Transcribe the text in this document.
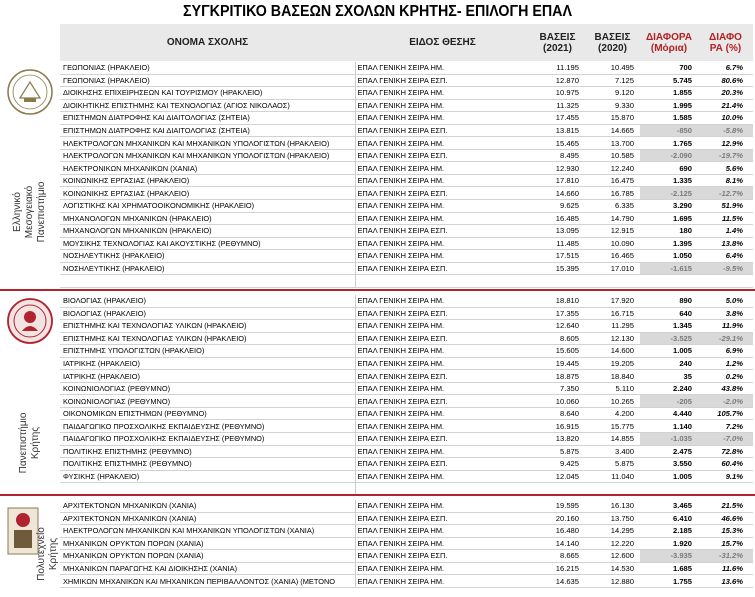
ΣΥΓΚΡΙΤΙΚΟ ΒΑΣΕΩΝ ΣΧΟΛΩΝ ΚΡΗΤΗΣ- ΕΠΙΛΟΓΗ ΕΠΑΛ
ΟΝΟΜΑ ΣΧΟΛΗΣ	ΕΙΔΟΣ ΘΕΣΗΣ	ΒΑΣΕΙΣ
(2021)
ΒΑΣΕΙΣ
(2020)
ΔΙΑΦΟΡΑ
(Μόρια)
ΔΙΑΦΟ
ΡΑ (%)
Ελληνικό Μεσογειακό
Πανεπιστήμιο
ΓΕΩΠΟΝΙΑΣ (ΗΡΑΚΛΕΙΟ)	ΕΠΑΛ ΓΕΝΙΚΗ ΣΕΙΡΑ ΗΜ.	11.195	10.495	700	6.7%
ΓΕΩΠΟΝΙΑΣ (ΗΡΑΚΛΕΙΟ)	ΕΠΑΛ ΓΕΝΙΚΗ ΣΕΙΡΑ ΕΣΠ.	12.870	7.125	5.745	80.6%
ΔΙΟΙΚΗΣΗΣ ΕΠΙΧΕΙΡΗΣΕΩΝ ΚΑΙ ΤΟΥΡΙΣΜΟΥ (ΗΡΑΚΛΕΙΟ)	ΕΠΑΛ ΓΕΝΙΚΗ ΣΕΙΡΑ ΗΜ.	10.975	9.120	1.855	20.3%
ΔΙΟΙΚΗΤΙΚΗΣ ΕΠΙΣΤΗΜΗΣ ΚΑΙ ΤΕΧΝΟΛΟΓΙΑΣ (ΑΓΙΟΣ ΝΙΚΟΛΑΟΣ)	ΕΠΑΛ ΓΕΝΙΚΗ ΣΕΙΡΑ ΗΜ.	11.325	9.330	1.995	21.4%
ΕΠΙΣΤΗΜΩΝ ΔΙΑΤΡΟΦΗΣ ΚΑΙ ΔΙΑΙΤΟΛΟΓΙΑΣ (ΣΗΤΕΙΑ)	ΕΠΑΛ ΓΕΝΙΚΗ ΣΕΙΡΑ ΗΜ.	17.455	15.870	1.585	10.0%
ΕΠΙΣΤΗΜΩΝ ΔΙΑΤΡΟΦΗΣ ΚΑΙ ΔΙΑΙΤΟΛΟΓΙΑΣ (ΣΗΤΕΙΑ)	ΕΠΑΛ ΓΕΝΙΚΗ ΣΕΙΡΑ ΕΣΠ.	13.815	14.665	-850	-5.8%
ΗΛΕΚΤΡΟΛΟΓΩΝ ΜΗΧΑΝΙΚΩΝ ΚΑΙ ΜΗΧΑΝΙΚΩΝ ΥΠΟΛΟΓΙΣΤΩΝ (ΗΡΑΚΛΕΙΟ)	ΕΠΑΛ ΓΕΝΙΚΗ ΣΕΙΡΑ ΗΜ.	15.465	13.700	1.765	12.9%
ΗΛΕΚΤΡΟΛΟΓΩΝ ΜΗΧΑΝΙΚΩΝ ΚΑΙ ΜΗΧΑΝΙΚΩΝ ΥΠΟΛΟΓΙΣΤΩΝ (ΗΡΑΚΛΕΙΟ)	ΕΠΑΛ ΓΕΝΙΚΗ ΣΕΙΡΑ ΕΣΠ.	8.495	10.585	-2.090	-19.7%
ΗΛΕΚΤΡΟΝΙΚΩΝ ΜΗΧΑΝΙΚΩΝ (ΧΑΝΙΑ)	ΕΠΑΛ ΓΕΝΙΚΗ ΣΕΙΡΑ ΗΜ.	12.930	12.240	690	5.6%
ΚΟΙΝΩΝΙΚΗΣ ΕΡΓΑΣΙΑΣ (ΗΡΑΚΛΕΙΟ)	ΕΠΑΛ ΓΕΝΙΚΗ ΣΕΙΡΑ ΗΜ.	17.810	16.475	1.335	8.1%
ΚΟΙΝΩΝΙΚΗΣ ΕΡΓΑΣΙΑΣ (ΗΡΑΚΛΕΙΟ)	ΕΠΑΛ ΓΕΝΙΚΗ ΣΕΙΡΑ ΕΣΠ.	14.660	16.785	-2.125	-12.7%
ΛΟΓΙΣΤΙΚΗΣ ΚΑΙ ΧΡΗΜΑΤΟΟΙΚΟΝΟΜΙΚΗΣ (ΗΡΑΚΛΕΙΟ)	ΕΠΑΛ ΓΕΝΙΚΗ ΣΕΙΡΑ ΗΜ.	9.625	6.335	3.290	51.9%
ΜΗΧΑΝΟΛΟΓΩΝ ΜΗΧΑΝΙΚΩΝ (ΗΡΑΚΛΕΙΟ)	ΕΠΑΛ ΓΕΝΙΚΗ ΣΕΙΡΑ ΗΜ.	16.485	14.790	1.695	11.5%
ΜΗΧΑΝΟΛΟΓΩΝ ΜΗΧΑΝΙΚΩΝ (ΗΡΑΚΛΕΙΟ)	ΕΠΑΛ ΓΕΝΙΚΗ ΣΕΙΡΑ ΕΣΠ.	13.095	12.915	180	1.4%
ΜΟΥΣΙΚΗΣ ΤΕΧΝΟΛΟΓΙΑΣ ΚΑΙ ΑΚΟΥΣΤΙΚΗΣ (ΡΕΘΥΜΝΟ)	ΕΠΑΛ ΓΕΝΙΚΗ ΣΕΙΡΑ ΗΜ.	11.485	10.090	1.395	13.8%
ΝΟΣΗΛΕΥΤΙΚΗΣ (ΗΡΑΚΛΕΙΟ)	ΕΠΑΛ ΓΕΝΙΚΗ ΣΕΙΡΑ ΗΜ.	17.515	16.465	1.050	6.4%
ΝΟΣΗΛΕΥΤΙΚΗΣ (ΗΡΑΚΛΕΙΟ)	ΕΠΑΛ ΓΕΝΙΚΗ ΣΕΙΡΑ ΕΣΠ.	15.395	17.010	-1.615	-9.5%

Πανεπιστήμιο
Κρήτης
ΒΙΟΛΟΓΙΑΣ (ΗΡΑΚΛΕΙΟ)	ΕΠΑΛ ΓΕΝΙΚΗ ΣΕΙΡΑ ΗΜ.	18.810	17.920	890	5.0%
ΒΙΟΛΟΓΙΑΣ (ΗΡΑΚΛΕΙΟ)	ΕΠΑΛ ΓΕΝΙΚΗ ΣΕΙΡΑ ΕΣΠ.	17.355	16.715	640	3.8%
ΕΠΙΣΤΗΜΗΣ ΚΑΙ ΤΕΧΝΟΛΟΓΙΑΣ ΥΛΙΚΩΝ (ΗΡΑΚΛΕΙΟ)	ΕΠΑΛ ΓΕΝΙΚΗ ΣΕΙΡΑ ΗΜ.	12.640	11.295	1.345	11.9%
ΕΠΙΣΤΗΜΗΣ ΚΑΙ ΤΕΧΝΟΛΟΓΙΑΣ ΥΛΙΚΩΝ (ΗΡΑΚΛΕΙΟ)	ΕΠΑΛ ΓΕΝΙΚΗ ΣΕΙΡΑ ΕΣΠ.	8.605	12.130	-3.525	-29.1%
ΕΠΙΣΤΗΜΗΣ ΥΠΟΛΟΓΙΣΤΩΝ (ΗΡΑΚΛΕΙΟ)	ΕΠΑΛ ΓΕΝΙΚΗ ΣΕΙΡΑ ΗΜ.	15.605	14.600	1.005	6.9%
ΙΑΤΡΙΚΗΣ (ΗΡΑΚΛΕΙΟ)	ΕΠΑΛ ΓΕΝΙΚΗ ΣΕΙΡΑ ΗΜ.	19.445	19.205	240	1.2%
ΙΑΤΡΙΚΗΣ (ΗΡΑΚΛΕΙΟ)	ΕΠΑΛ ΓΕΝΙΚΗ ΣΕΙΡΑ ΕΣΠ.	18.875	18.840	35	0.2%
ΚΟΙΝΩΝΙΟΛΟΓΙΑΣ (ΡΕΘΥΜΝΟ)	ΕΠΑΛ ΓΕΝΙΚΗ ΣΕΙΡΑ ΗΜ.	7.350	5.110	2.240	43.8%
ΚΟΙΝΩΝΙΟΛΟΓΙΑΣ (ΡΕΘΥΜΝΟ)	ΕΠΑΛ ΓΕΝΙΚΗ ΣΕΙΡΑ ΕΣΠ.	10.060	10.265	-205	-2.0%
ΟΙΚΟΝΟΜΙΚΩΝ ΕΠΙΣΤΗΜΩΝ (ΡΕΘΥΜΝΟ)	ΕΠΑΛ ΓΕΝΙΚΗ ΣΕΙΡΑ ΗΜ.	8.640	4.200	4.440	105.7%
ΠΑΙΔΑΓΩΓΙΚΟ ΠΡΟΣΧΟΛΙΚΗΣ ΕΚΠΑΙΔΕΥΣΗΣ (ΡΕΘΥΜΝΟ)	ΕΠΑΛ ΓΕΝΙΚΗ ΣΕΙΡΑ ΗΜ.	16.915	15.775	1.140	7.2%
ΠΑΙΔΑΓΩΓΙΚΟ ΠΡΟΣΧΟΛΙΚΗΣ ΕΚΠΑΙΔΕΥΣΗΣ (ΡΕΘΥΜΝΟ)	ΕΠΑΛ ΓΕΝΙΚΗ ΣΕΙΡΑ ΕΣΠ.	13.820	14.855	-1.035	-7.0%
ΠΟΛΙΤΙΚΗΣ ΕΠΙΣΤΗΜΗΣ (ΡΕΘΥΜΝΟ)	ΕΠΑΛ ΓΕΝΙΚΗ ΣΕΙΡΑ ΗΜ.	5.875	3.400	2.475	72.8%
ΠΟΛΙΤΙΚΗΣ ΕΠΙΣΤΗΜΗΣ (ΡΕΘΥΜΝΟ)	ΕΠΑΛ ΓΕΝΙΚΗ ΣΕΙΡΑ ΕΣΠ.	9.425	5.875	3.550	60.4%
ΦΥΣΙΚΗΣ (ΗΡΑΚΛΕΙΟ)	ΕΠΑΛ ΓΕΝΙΚΗ ΣΕΙΡΑ ΗΜ.	12.045	11.040	1.005	9.1%

Πολυτεχνείο
Κρήτης
ΑΡΧΙΤΕΚΤΟΝΩΝ ΜΗΧΑΝΙΚΩΝ (ΧΑΝΙΑ)	ΕΠΑΛ ΓΕΝΙΚΗ ΣΕΙΡΑ ΗΜ.	19.595	16.130	3.465	21.5%
ΑΡΧΙΤΕΚΤΟΝΩΝ ΜΗΧΑΝΙΚΩΝ (ΧΑΝΙΑ)	ΕΠΑΛ ΓΕΝΙΚΗ ΣΕΙΡΑ ΕΣΠ.	20.160	13.750	6.410	46.6%
ΗΛΕΚΤΡΟΛΟΓΩΝ ΜΗΧΑΝΙΚΩΝ ΚΑΙ ΜΗΧΑΝΙΚΩΝ ΥΠΟΛΟΓΙΣΤΩΝ (ΧΑΝΙΑ)	ΕΠΑΛ ΓΕΝΙΚΗ ΣΕΙΡΑ ΗΜ.	16.480	14.295	2.185	15.3%
ΜΗΧΑΝΙΚΩΝ ΟΡΥΚΤΩΝ ΠΟΡΩΝ (ΧΑΝΙΑ)	ΕΠΑΛ ΓΕΝΙΚΗ ΣΕΙΡΑ ΗΜ.	14.140	12.220	1.920	15.7%
ΜΗΧΑΝΙΚΩΝ ΟΡΥΚΤΩΝ ΠΟΡΩΝ (ΧΑΝΙΑ)	ΕΠΑΛ ΓΕΝΙΚΗ ΣΕΙΡΑ ΕΣΠ.	8.665	12.600	-3.935	-31.2%
ΜΗΧΑΝΙΚΩΝ ΠΑΡΑΓΩΓΗΣ ΚΑΙ ΔΙΟΙΚΗΣΗΣ (ΧΑΝΙΑ)	ΕΠΑΛ ΓΕΝΙΚΗ ΣΕΙΡΑ ΗΜ.	16.215	14.530	1.685	11.6%
ΧΗΜΙΚΩΝ ΜΗΧΑΝΙΚΩΝ ΚΑΙ ΜΗΧΑΝΙΚΩΝ ΠΕΡΙΒΑΛΛΟΝΤΟΣ (ΧΑΝΙΑ) (ΜΕΤΟΝΟ	ΕΠΑΛ ΓΕΝΙΚΗ ΣΕΙΡΑ ΗΜ.	14.635	12.880	1.755	13.6%
